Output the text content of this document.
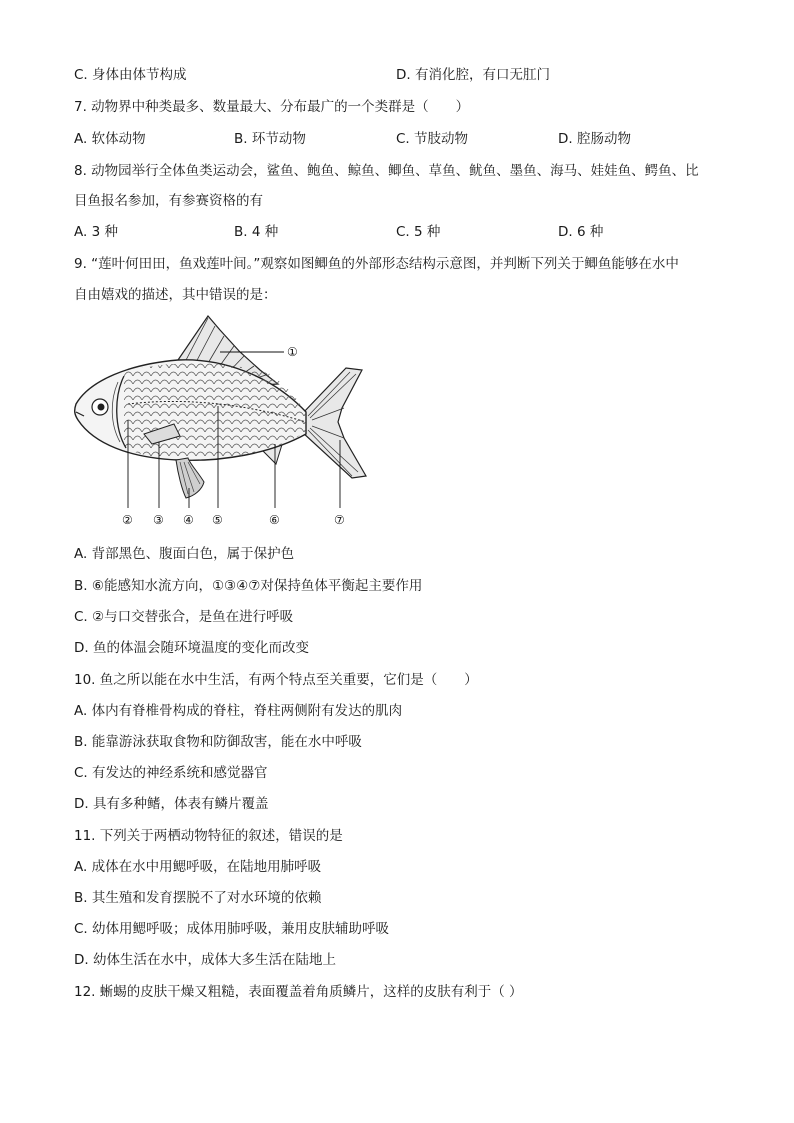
C. 身体由体节构成	D. 有消化腔，有口无肛门
7. 动物界中种类最多、数量最大、分布最广的一个类群是（　　）
A. 软体动物	B. 环节动物	C. 节肢动物	D. 腔肠动物
8. 动物园举行全体鱼类运动会，鲨鱼、鲍鱼、鲸鱼、鲫鱼、草鱼、鱿鱼、墨鱼、海马、娃娃鱼、鳄鱼、比
目鱼报名参加，有参赛资格的有
A. 3 种	B. 4 种	C. 5 种	D. 6 种
9. “莲叶何田田，鱼戏莲叶间。”观察如图鲫鱼的外部形态结构示意图，并判断下列关于鲫鱼能够在水中
自由嬉戏的描述，其中错误的是：
①
② ③ ④ ⑤	⑥	⑦
A. 背部黑色、腹面白色，属于保护色
B. ⑥能感知水流方向，①③④⑦对保持鱼体平衡起主要作用
C. ②与口交替张合，是鱼在进行呼吸
D. 鱼的体温会随环境温度的变化而改变
10. 鱼之所以能在水中生活，有两个特点至关重要，它们是（　　）
A. 体内有脊椎骨构成的脊柱，脊柱两侧附有发达的肌肉
B. 能靠游泳获取食物和防御敌害，能在水中呼吸
C. 有发达的神经系统和感觉器官
D. 具有多种鳍，体表有鳞片覆盖
11. 下列关于两栖动物特征的叙述，错误的是
A. 成体在水中用鳃呼吸，在陆地用肺呼吸
B. 其生殖和发育摆脱不了对水环境的依赖
C. 幼体用鳃呼吸；成体用肺呼吸，兼用皮肤辅助呼吸
D. 幼体生活在水中，成体大多生活在陆地上
12. 蜥蜴的皮肤干燥又粗糙，表面覆盖着角质鳞片，这样的皮肤有利于（ ）
